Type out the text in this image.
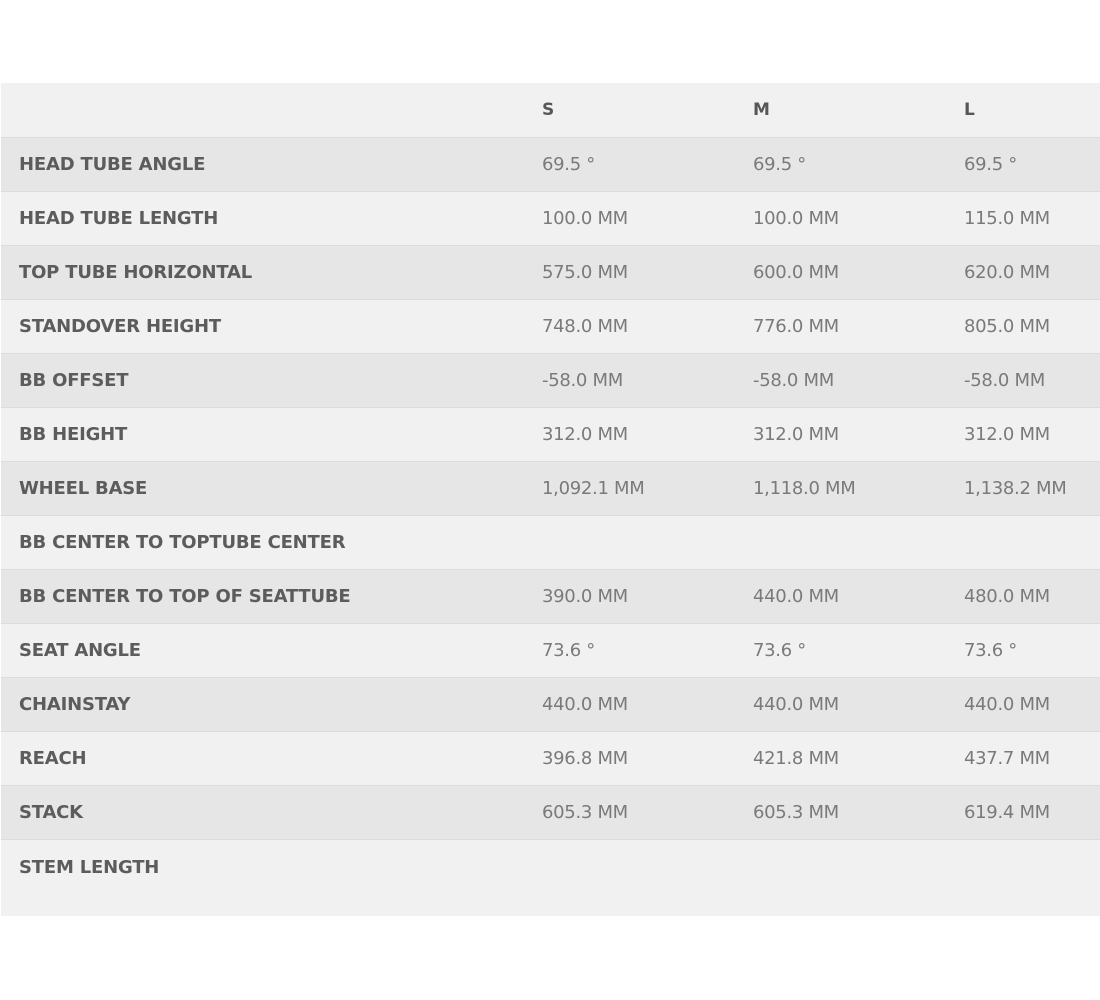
	S	M	L
HEAD TUBE ANGLE	69.5 °	69.5 °	69.5 °
HEAD TUBE LENGTH	100.0 MM	100.0 MM	115.0 MM
TOP TUBE HORIZONTAL	575.0 MM	600.0 MM	620.0 MM
STANDOVER HEIGHT	748.0 MM	776.0 MM	805.0 MM
BB OFFSET	-58.0 MM	-58.0 MM	-58.0 MM
BB HEIGHT	312.0 MM	312.0 MM	312.0 MM
WHEEL BASE	1,092.1 MM	1,118.0 MM	1,138.2 MM
BB CENTER TO TOPTUBE CENTER			
BB CENTER TO TOP OF SEATTUBE	390.0 MM	440.0 MM	480.0 MM
SEAT ANGLE	73.6 °	73.6 °	73.6 °
CHAINSTAY	440.0 MM	440.0 MM	440.0 MM
REACH	396.8 MM	421.8 MM	437.7 MM
STACK	605.3 MM	605.3 MM	619.4 MM
STEM LENGTH			
